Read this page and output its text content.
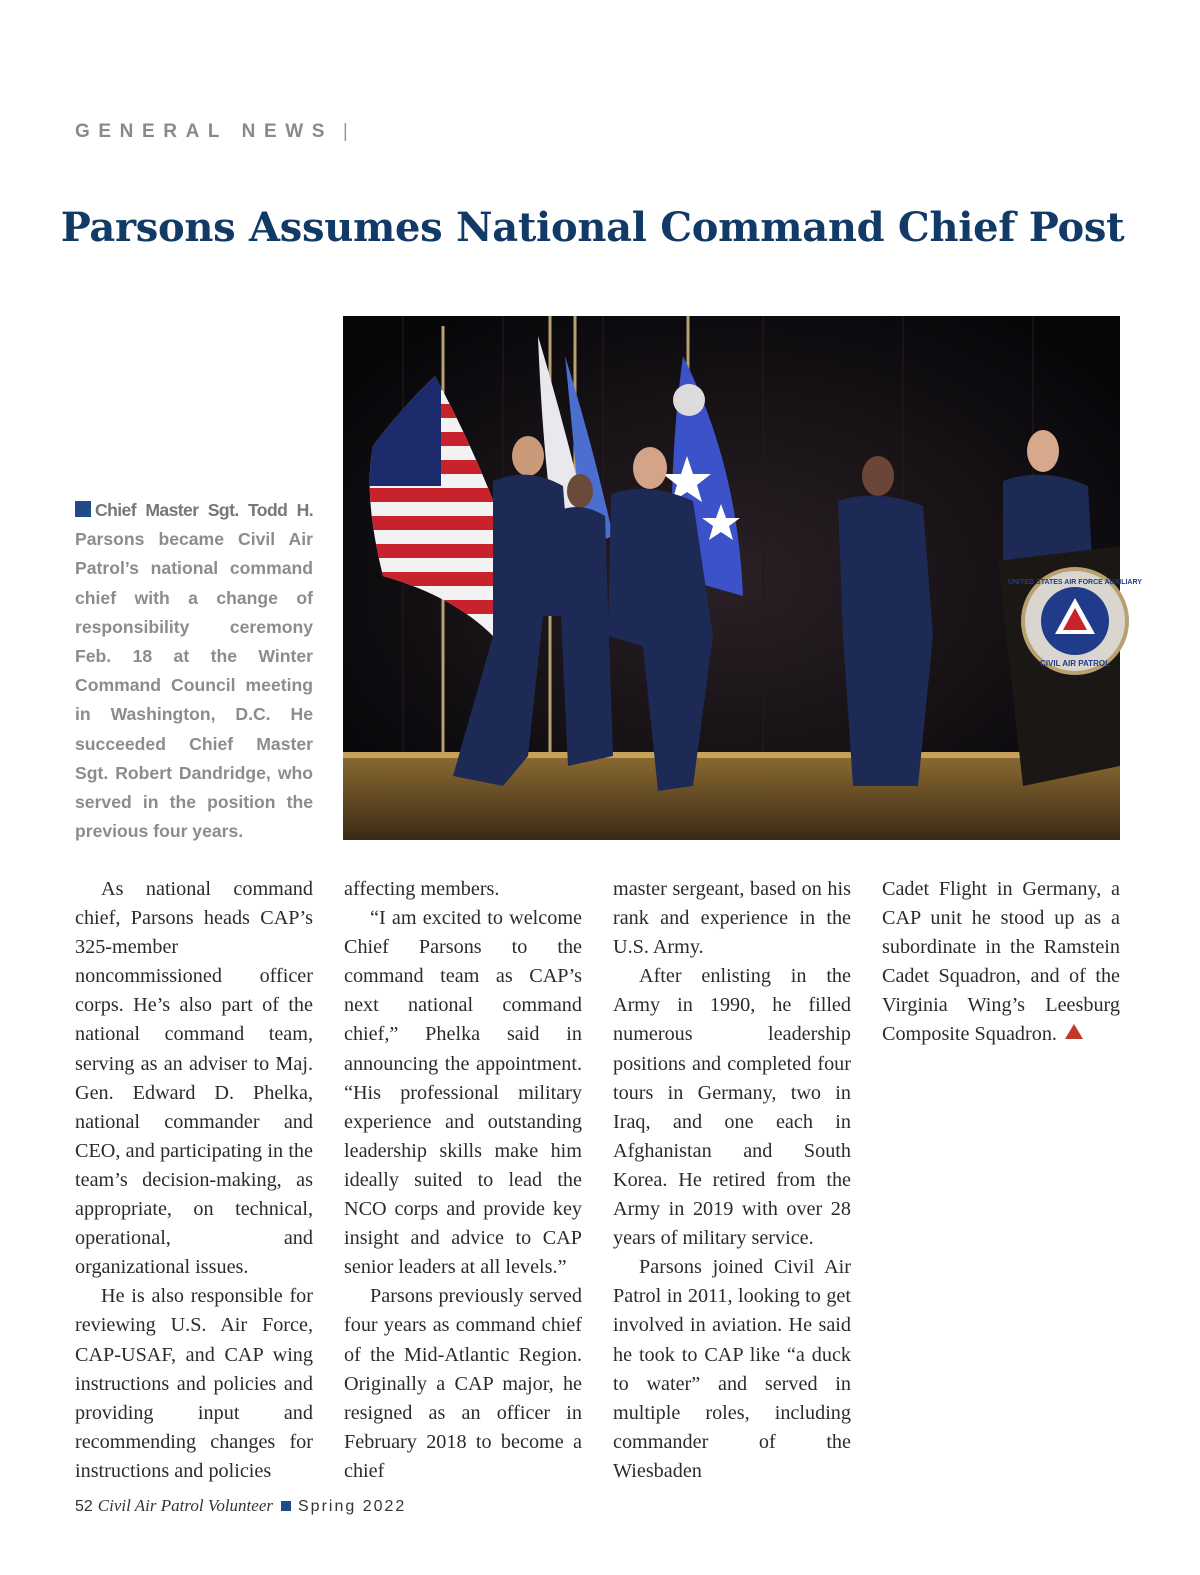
GENERAL NEWS |
Parsons Assumes National Command Chief Post
UNITED STATES AIR FORCE AUXILIARY
CIVIL AIR PATROL

Chief Master Sgt. Todd H. Parsons became Civil Air Patrol’s national command chief with a change of responsibility ceremony Feb. 18 at the Winter Command Council meeting in Washington, D.C. He succeeded Chief Master Sgt. Robert Dandridge, who served in the position the previous four years.

As national command chief, Parsons heads CAP’s 325-member noncommissioned officer corps. He’s also part of the national command team, serving as an adviser to Maj. Gen. Edward D. Phelka, national commander and CEO, and participating in the team’s decision-making, as appropriate, on technical, operational, and organizational issues.

He is also responsible for reviewing U.S. Air Force, CAP-USAF, and CAP wing instructions and policies and providing input and recommending changes for instructions and policies

affecting members.

“I am excited to welcome Chief Parsons to the command team as CAP’s next national command chief,” Phelka said in announcing the appointment. “His professional military experience and outstanding leadership skills make him ideally suited to lead the NCO corps and provide key insight and advice to CAP senior leaders at all levels.”

Parsons previously served four years as command chief of the Mid-Atlantic Region. Originally a CAP major, he resigned as an officer in February 2018 to become a chief

master sergeant, based on his rank and experience in the U.S. Army.

After enlisting in the Army in 1990, he filled numerous leadership positions and completed four tours in Germany, two in Iraq, and one each in Afghanistan and South Korea. He retired from the Army in 2019 with over 28 years of military service.

Parsons joined Civil Air Patrol in 2011, looking to get involved in aviation. He said he took to CAP like “a duck to water” and served in multiple roles, including commander of the Wiesbaden

Cadet Flight in Germany, a CAP unit he stood up as a subordinate in the Ramstein Cadet Squadron, and of the Virginia Wing’s Leesburg Composite Squadron.

52 Civil Air Patrol Volunteer Spring 2022
